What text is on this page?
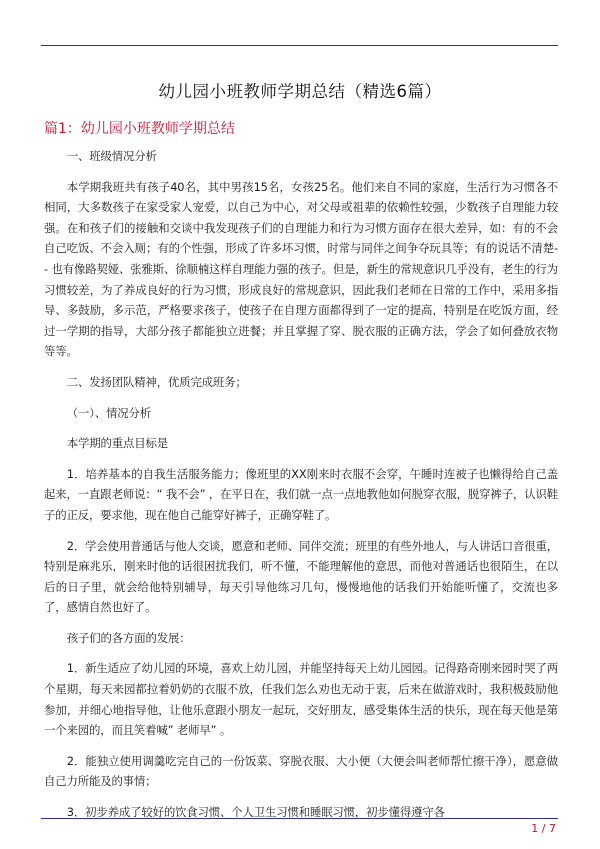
幼儿园小班教师学期总结（精选6篇）
篇1：幼儿园小班教师学期总结

一、班级情况分析

本学期我班共有孩子40名，其中男孩15名，女孩25名。他们来自不同的家庭，生活行为习惯各不相同，大多数孩子在家受家人宠爱，以自己为中心，对父母或祖辈的依赖性较强，少数孩子自理能力较强。在和孩子们的接触和交谈中我发现孩子们的自理能力和行为习惯方面存在很大差异，如：有的不会自己吃饭、不会入厕；有的个性强，形成了许多坏习惯，时常与同伴之间争夺玩具等；有的说话不清楚- - 也有像路契娅、张雅斯、徐顺楠这样自理能力强的孩子。但是，新生的常规意识几乎没有，老生的行为习惯较差，为了养成良好的行为习惯，形成良好的常规意识，因此我们老师在日常的工作中，采用多指导、多鼓励，多示范，严格要求孩子，使孩子在自理方面都得到了一定的提高，特别是在吃饭方面，经过一学期的指导，大部分孩子都能独立进餐；并且掌握了穿、脱衣服的正确方法，学会了如何叠放衣物等等。

二、发扬团队精神，优质完成班务；

（一）、情况分析

本学期的重点目标是

1．培养基本的自我生活服务能力；像班里的XX刚来时衣服不会穿，午睡时连被子也懒得给自己盖起来，一直跟老师说：“ 我不会” ，在平日在，我们就一点一点地教他如何脱穿衣服，脱穿裤子，认识鞋子的正反，要求他，现在他自己能穿好裤子，正确穿鞋了。

2．学会使用普通话与他人交谈，愿意和老师、同伴交流；班里的有些外地人，与人讲话口音很重，特别是麻兆乐，刚来时他的话很困扰我们，听不懂，不能理解他的意思，而他对普通话也很陌生，在以后的日子里，就会给他特别辅导，每天引导他练习几句，慢慢地他的话我们开始能听懂了，交流也多了，感情自然也好了。

孩子们的各方面的发展：

1．新生适应了幼儿园的环境，喜欢上幼儿园，并能坚持每天上幼儿园园。记得路奇刚来园时哭了两个星期，每天来园都拉着奶奶的衣服不放，任我们怎么劝也无动于衷，后来在做游戏时，我积极鼓励他参加，并细心地指导他，让他乐意跟小朋友一起玩，交好朋友，感受集体生活的快乐，现在每天他是第一个来园的，而且笑着喊” 老师早” 。

2．能独立使用调羹吃完自己的一份饭菜、穿脱衣服、大小便（大便会叫老师帮忙擦干净），愿意做自己力所能及的事情；

3．初步养成了较好的饮食习惯、个人卫生习惯和睡眠习惯，初步懂得遵守各

1 / 7
